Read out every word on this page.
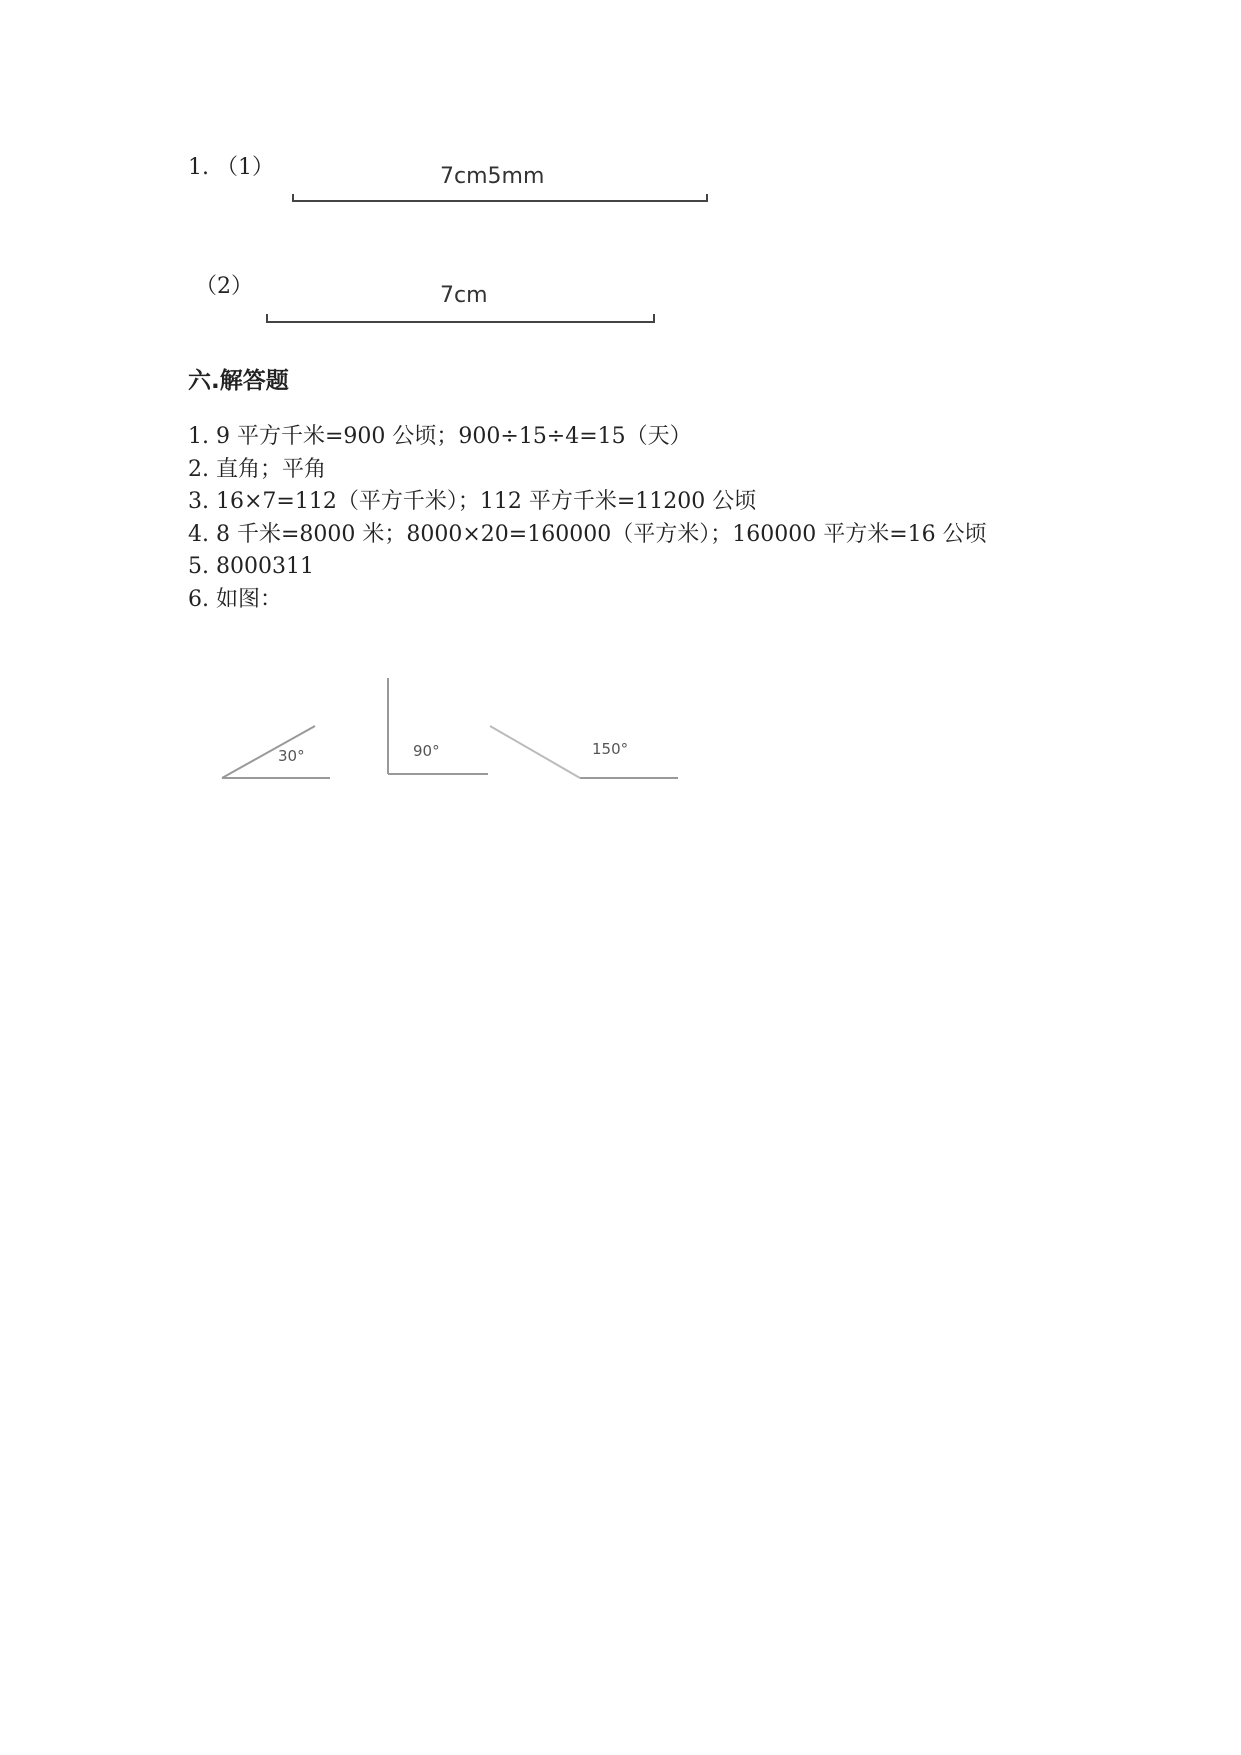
1. （1）	7cm5mm
（2）	7cm
六.解答题
1. 9 平方千米=900 公顷；900÷15÷4=15（天）
2. 直角；平角
3. 16×7=112（平方千米）；112 平方千米=11200 公顷
4. 8 千米=8000 米；8000×20=160000（平方米）；160000 平方米=16 公顷
5. 8000311
6. 如图：
30°	90°	150°
